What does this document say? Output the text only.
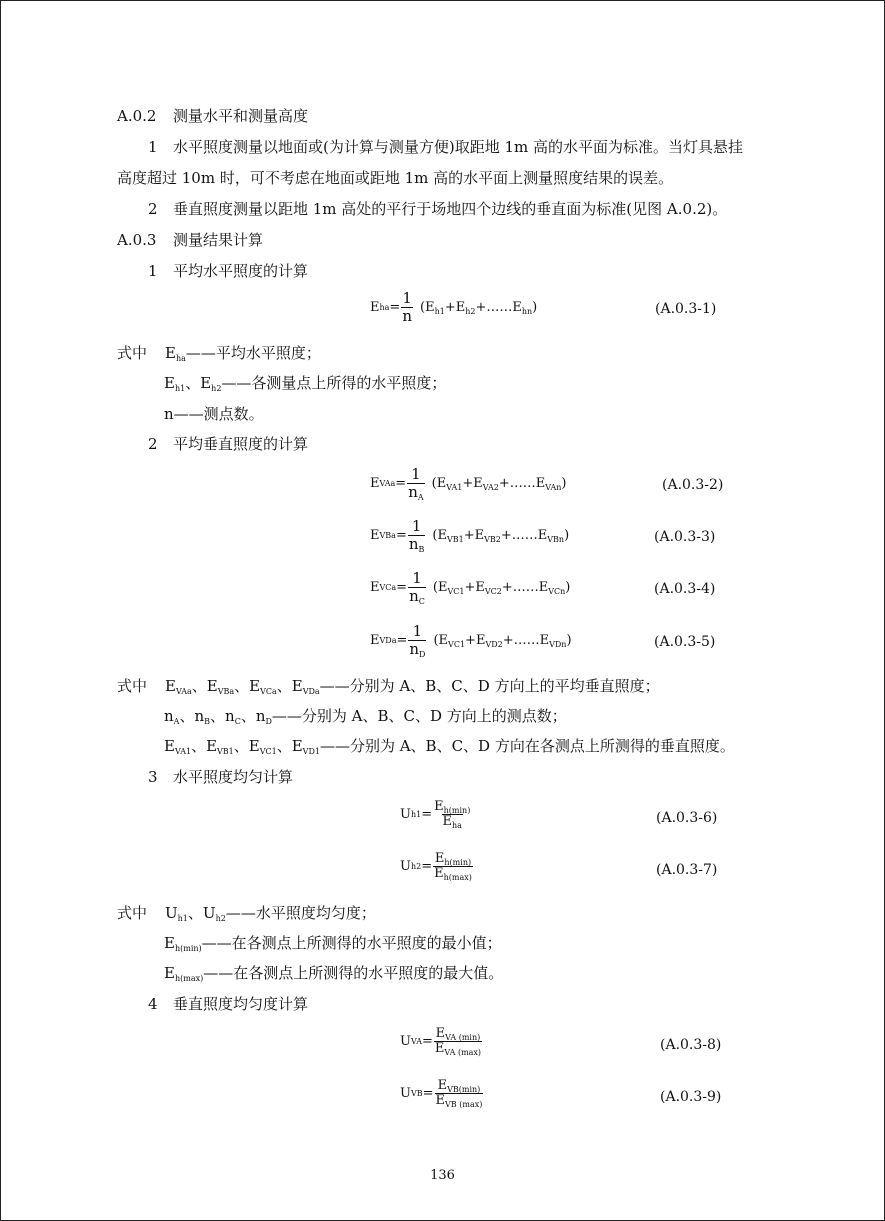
A.0.2 测量水平和测量高度
1 水平照度测量以地面或(为计算与测量方便)取距地 1m 高的水平面为标准。当灯具悬挂
高度超过 10m 时，可不考虑在地面或距地 1m 高的水平面上测量照度结果的误差。
2 垂直照度测量以距地 1m 高处的平行于场地四个边线的垂直面为标准(见图 A.0.2)。
A.0.3 测量结果计算
1 平均水平照度的计算
E ha = $\frac{1}{n}$ $(E_{h1}+E_{h2}+\dots\dots E_{hn})$	(A.0.3-1)
式中 $E_{ha}——$平均水平照度；
$E_{h1}$、$E_{h2}——$各测量点上所得的水平照度；
n——测点数。
2 平均垂直照度的计算
E VAa = $\frac{1}{n_A}$ $(E_{VA1}+E_{VA2}+\dots\dots E_{VAn})$	(A.0.3-2)
E VBa = $\frac{1}{n_B}$ $(E_{VB1}+E_{VB2}+\dots\dots E_{VBn})$	(A.0.3-3)
E VCa = $\frac{1}{n_C}$ $(E_{VC1}+E_{VC2}+\dots\dots E_{VCn})$	(A.0.3-4)
E VDa = $\frac{1}{n_D}$ $(E_{VC1}+E_{VD2}+\dots\dots E_{VDn})$	(A.0.3-5)
式中 $E_{VAa}$、$E_{VBa}$、$E_{VCa}$、$E_{VDa}——$分别为 A、B、C、D 方向上的平均垂直照度；
$n_A$、$n_B$、$n_C$、$n_D——$分别为 A、B、C、D 方向上的测点数；
$E_{VA1}$、$E_{VB1}$、$E_{VC1}$、$E_{VD1}——$分别为 A、B、C、D 方向在各测点上所测得的垂直照度。
3 水平照度均匀计算
U $h1 = \frac{E_{h(min)}}{E_{ha}}$	(A.0.3-6)
U $h2 = \frac{E_{h(min)}}{E_{h(max)}}$	(A.0.3-7)
式中 $U_{h1}$、$U_{h2}——$水平照度均匀度；
$E_{h(min)}——$在各测点上所测得的水平照度的最小值；
$E_{h(max)}——$在各测点上所测得的水平照度的最大值。
4 垂直照度均匀度计算
U VA = $\frac{E_{VA (min)}}{E_{VA (max)}}$	(A.0.3-8)
U VB = $\frac{E_{VB(min)}}{E_{VB (max)}}$	(A.0.3-9)
136
